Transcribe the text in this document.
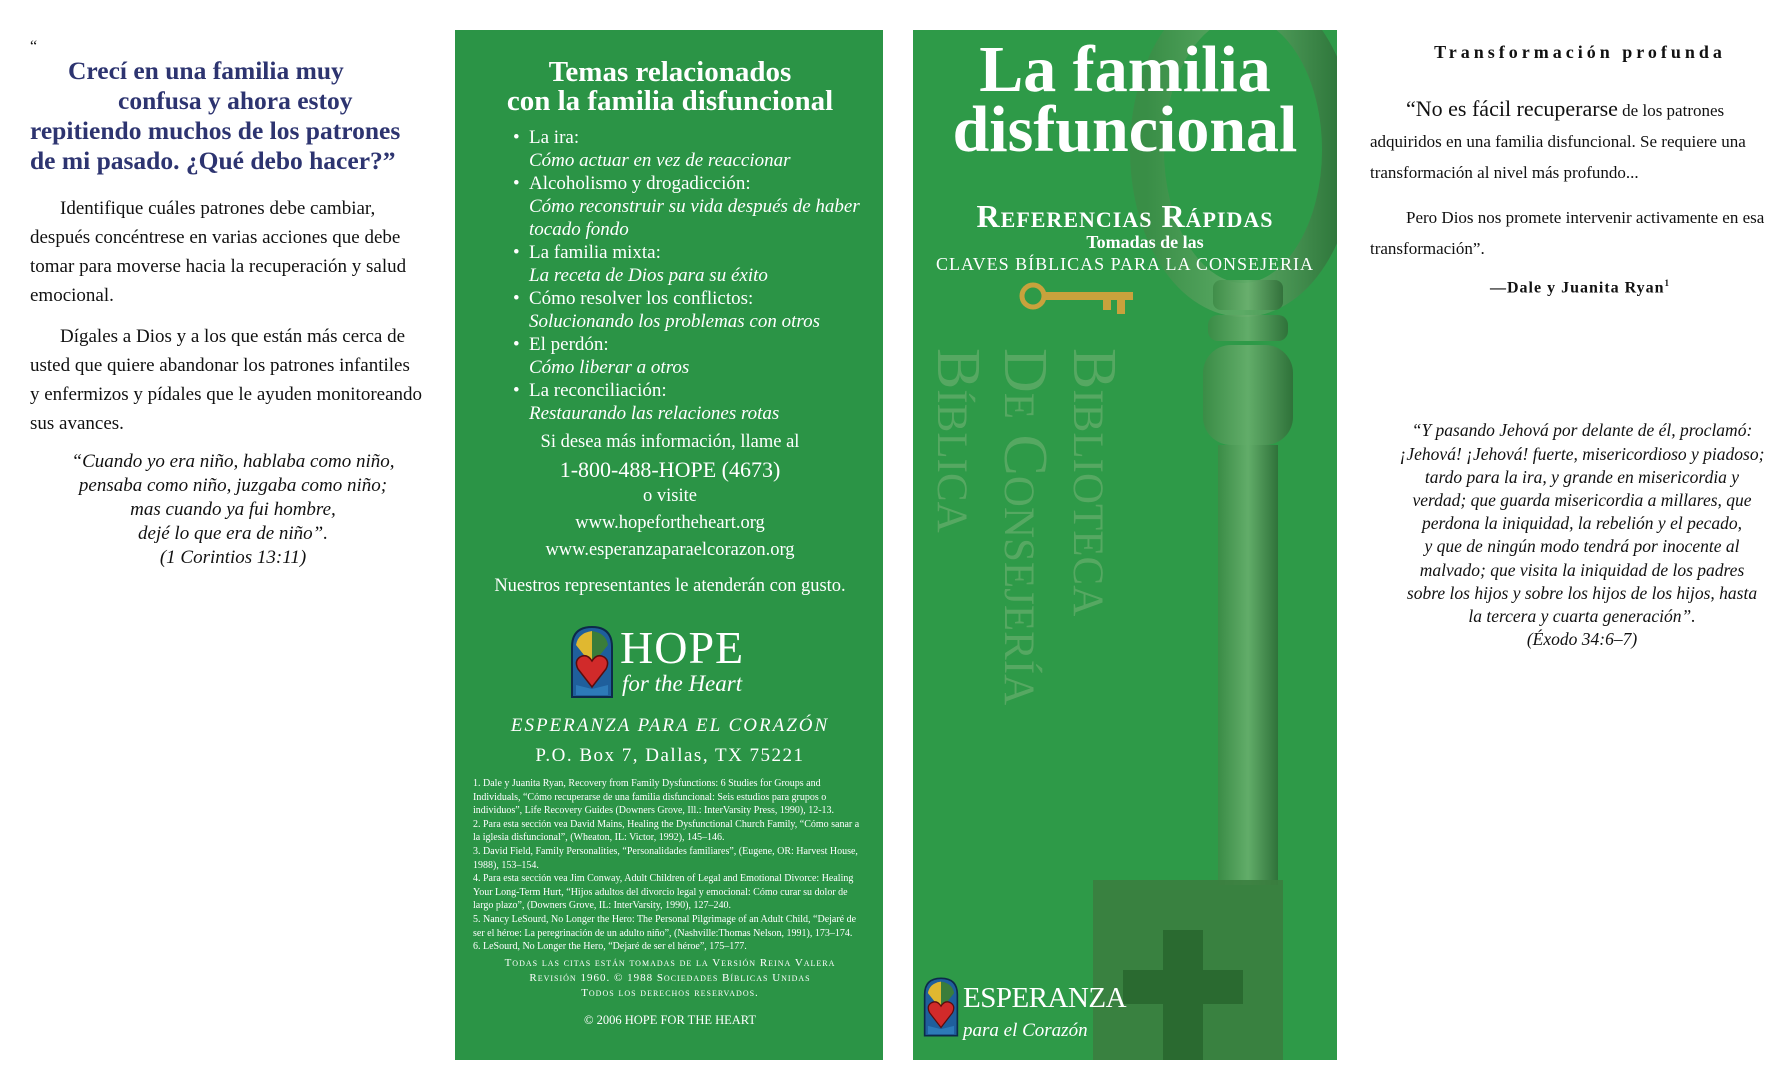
“
Crecí en una familia muy
confusa y ahora estoy
repitiendo muchos de los patrones
de mi pasado. ¿Qué debo hacer?”

Identifique cuáles patrones debe cambiar, después concéntrese en varias acciones que debe tomar para moverse hacia la recuperación y salud emocional.

Dígales a Dios y a los que están más cerca de usted que quiere abandonar los patrones infantiles y enfermizos y pídales que le ayuden monitoreando sus avances.

“Cuando yo era niño, hablaba como niño,
pensaba como niño, juzgaba como niño;
mas cuando ya fui hombre,
dejé lo que era de niño”.
(1 Corintios 13:11)
Temas relacionados
con la familia disfuncional
• La ira:
Cómo actuar en vez de reaccionar
• Alcoholismo y drogadicción:
Cómo reconstruir su vida después de haber tocado fondo
• La familia mixta:
La receta de Dios para su éxito
• Cómo resolver los conflictos:
Solucionando los problemas con otros
• El perdón:
Cómo liberar a otros
• La reconciliación:
Restaurando las relaciones rotas
Si desea más información, llame al
1-800-488-HOPE (4673)
o visite
www.hopefortheheart.org
www.esperanzaparaelcorazon.org
Nuestros representantes le atenderán con gusto.
HOPE
for the Heart
ESPERANZA PARA EL CORAZÓN
P.O. Box 7, Dallas, TX 75221

1. Dale y Juanita Ryan, Recovery from Family Dysfunctions: 6 Studies for Groups and Individuals, “Cómo recuperarse de una familia disfuncional: Seis estudios para grupos o individuos”, Life Recovery Guides (Downers Grove, Ill.: InterVarsity Press, 1990), 12-13.

2. Para esta sección vea David Mains, Healing the Dysfunctional Church Family, “Cómo sanar a la iglesia disfuncional”, (Wheaton, IL: Victor, 1992), 145–146.

3. David Field, Family Personalities, “Personalidades familiares”, (Eugene, OR: Harvest House, 1988), 153–154.

4. Para esta sección vea Jim Conway, Adult Children of Legal and Emotional Divorce: Healing Your Long-Term Hurt, “Hijos adultos del divorcio legal y emocional: Cómo curar su dolor de largo plazo”, (Downers Grove, IL: InterVarsity, 1990), 127–240.

5. Nancy LeSourd, No Longer the Hero: The Personal Pilgrimage of an Adult Child, “Dejaré de ser el héroe: La peregrinación de un adulto niño”, (Nashville:Thomas Nelson, 1991), 173–174.

6. LeSourd, No Longer the Hero, “Dejaré de ser el héroe”, 175–177.

Todas las citas están tomadas de la Versión Reina Valera
Revisión 1960. © 1988 Sociedades Bíblicas Unidas
Todos los derechos reservados.
© 2006 HOPE FOR THE HEART
La familia
disfuncional
Referencias Rápidas
Tomadas de las
CLAVES BÍBLICAS PARA LA CONSEJERIA
Biblioteca
De Consejería
Bíblica
ESPERANZA
para el Corazón
Transformación profunda

“No es fácil recuperarse de los patrones adquiridos en una familia disfuncional. Se requiere una transformación al nivel más profundo...

Pero Dios nos promete intervenir activamente en esa transformación”.

—Dale y Juanita Ryan$^1$
“Y pasando Jehová por delante de él, proclamó:
¡Jehová! ¡Jehová! fuerte, misericordioso y piadoso;
tardo para la ira, y grande en misericordia y
verdad; que guarda misericordia a millares, que
perdona la iniquidad, la rebelión y el pecado,
y que de ningún modo tendrá por inocente al
malvado; que visita la iniquidad de los padres
sobre los hijos y sobre los hijos de los hijos, hasta
la tercera y cuarta generación”.
(Éxodo 34:6–7)
